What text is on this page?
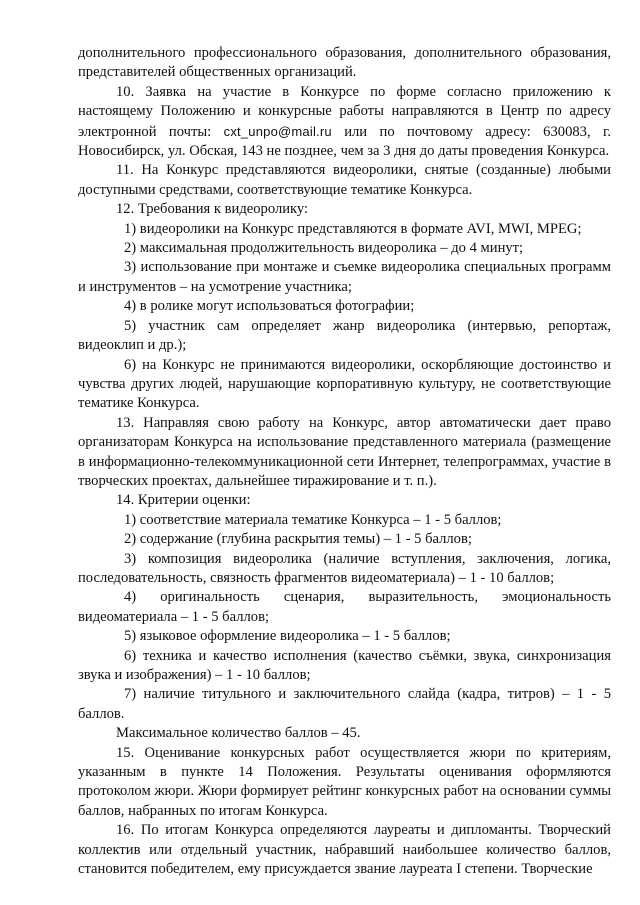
дополнительного профессионального образования, дополнительного образования, представителей общественных организаций.

10. Заявка на участие в Конкурсе по форме согласно приложению к настоящему Положению и конкурсные работы направляются в Центр по адресу электронной почты: cxt_unpo@mail.ru или по почтовому адресу: 630083, г. Новосибирск, ул. Обская, 143 не позднее, чем за 3 дня до даты проведения Конкурса.

11. На Конкурс представляются видеоролики, снятые (созданные) любыми доступными средствами, соответствующие тематике Конкурса.

12. Требования к видеоролику:

1) видеоролики на Конкурс представляются в формате AVI, MWI, MPEG;

2) максимальная продолжительность видеоролика – до 4 минут;

3) использование при монтаже и съемке видеоролика специальных программ и инструментов – на усмотрение участника;

4) в ролике могут использоваться фотографии;

5) участник сам определяет жанр видеоролика (интервью, репортаж, видеоклип и др.);

6) на Конкурс не принимаются видеоролики, оскорбляющие достоинство и чувства других людей, нарушающие корпоративную культуру, не соответствующие тематике Конкурса.

13. Направляя свою работу на Конкурс, автор автоматически дает право организаторам Конкурса на использование представленного материала (размещение в информационно-телекоммуникационной сети Интернет, телепрограммах, участие в творческих проектах, дальнейшее тиражирование и т. п.).

14. Критерии оценки:

1) соответствие материала тематике Конкурса – 1 - 5 баллов;

2) содержание (глубина раскрытия темы) – 1 - 5 баллов;

3) композиция видеоролика (наличие вступления, заключения, логика, последовательность, связность фрагментов видеоматериала) – 1 - 10 баллов;

4) оригинальность сценария, выразительность, эмоциональность видеоматериала – 1 - 5 баллов;

5) языковое оформление видеоролика – 1 - 5 баллов;

6) техника и качество исполнения (качество съёмки, звука, синхронизация звука и изображения) – 1 - 10 баллов;

7) наличие титульного и заключительного слайда (кадра, титров) – 1 - 5 баллов.

Максимальное количество баллов – 45.

15. Оценивание конкурсных работ осуществляется жюри по критериям, указанным в пункте 14 Положения. Результаты оценивания оформляются протоколом жюри. Жюри формирует рейтинг конкурсных работ на основании суммы баллов, набранных по итогам Конкурса.

16. По итогам Конкурса определяются лауреаты и дипломанты. Творческий коллектив или отдельный участник, набравший наибольшее количество баллов, становится победителем, ему присуждается звание лауреата I степени. Творческие
